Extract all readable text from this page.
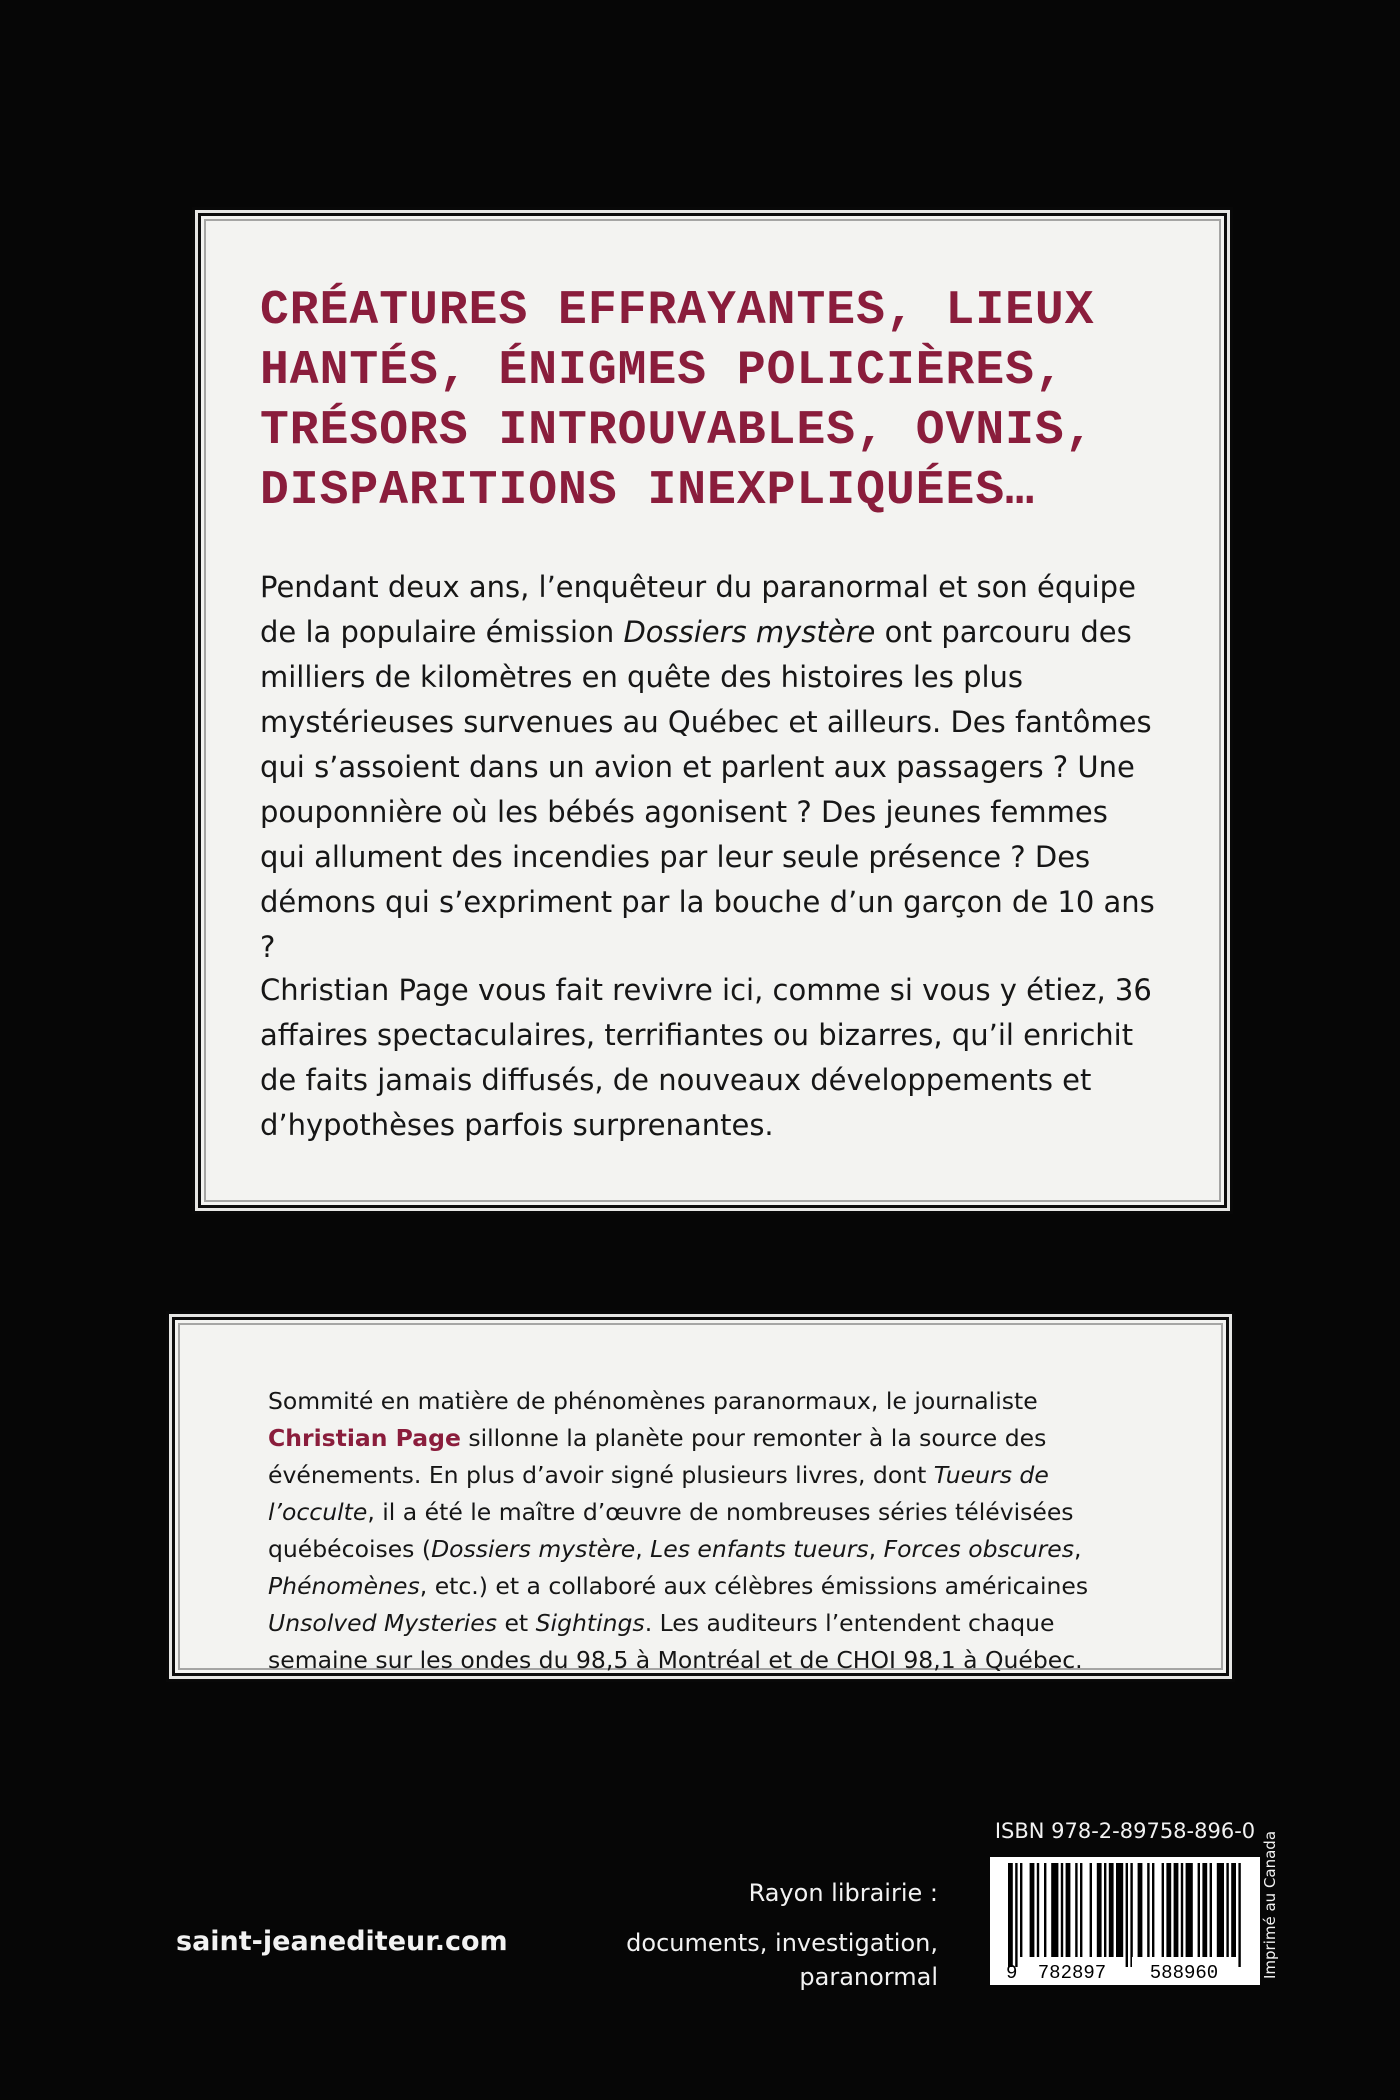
CRÉATURES EFFRAYANTES, LIEUX HANTÉS, ÉNIGMES POLICIÈRES, TRÉSORS INTROUVABLES, OVNIS, DISPARITIONS INEXPLIQUÉES…

Pendant deux ans, l’enquêteur du paranormal et son équipe de la populaire émission Dossiers mystère ont parcouru des milliers de kilomètres en quête des histoires les plus mystérieuses survenues au Québec et ailleurs. Des fantômes qui s’assoient dans un avion et parlent aux passagers ? Une pouponnière où les bébés agonisent ? Des jeunes femmes qui allument des incendies par leur seule présence ? Des démons qui s’expriment par la bouche d’un garçon de 10 ans ?

Christian Page vous fait revivre ici, comme si vous y étiez, 36 affaires spectaculaires, terrifiantes ou bizarres, qu’il enrichit de faits jamais diffusés, de nouveaux développements et d’hypothèses parfois surprenantes.

Sommité en matière de phénomènes paranormaux, le journaliste Christian Page sillonne la planète pour remonter à la source des événements. En plus d’avoir signé plusieurs livres, dont Tueurs de l’occulte, il a été le maître d’œuvre de nombreuses séries télévisées québécoises (Dossiers mystère, Les enfants tueurs, Forces obscures, Phénomènes, etc.) et a collaboré aux célèbres émissions américaines Unsolved Mysteries et Sightings. Les auditeurs l’entendent chaque semaine sur les ondes du 98,5 à Montréal et de CHOI 98,1 à Québec.

saint-jeanediteur.com
Rayon librairie :
documents, investigation,
paranormal
ISBN 978-2-89758-896-0
9 782897 588960	Imprimé au Canada
